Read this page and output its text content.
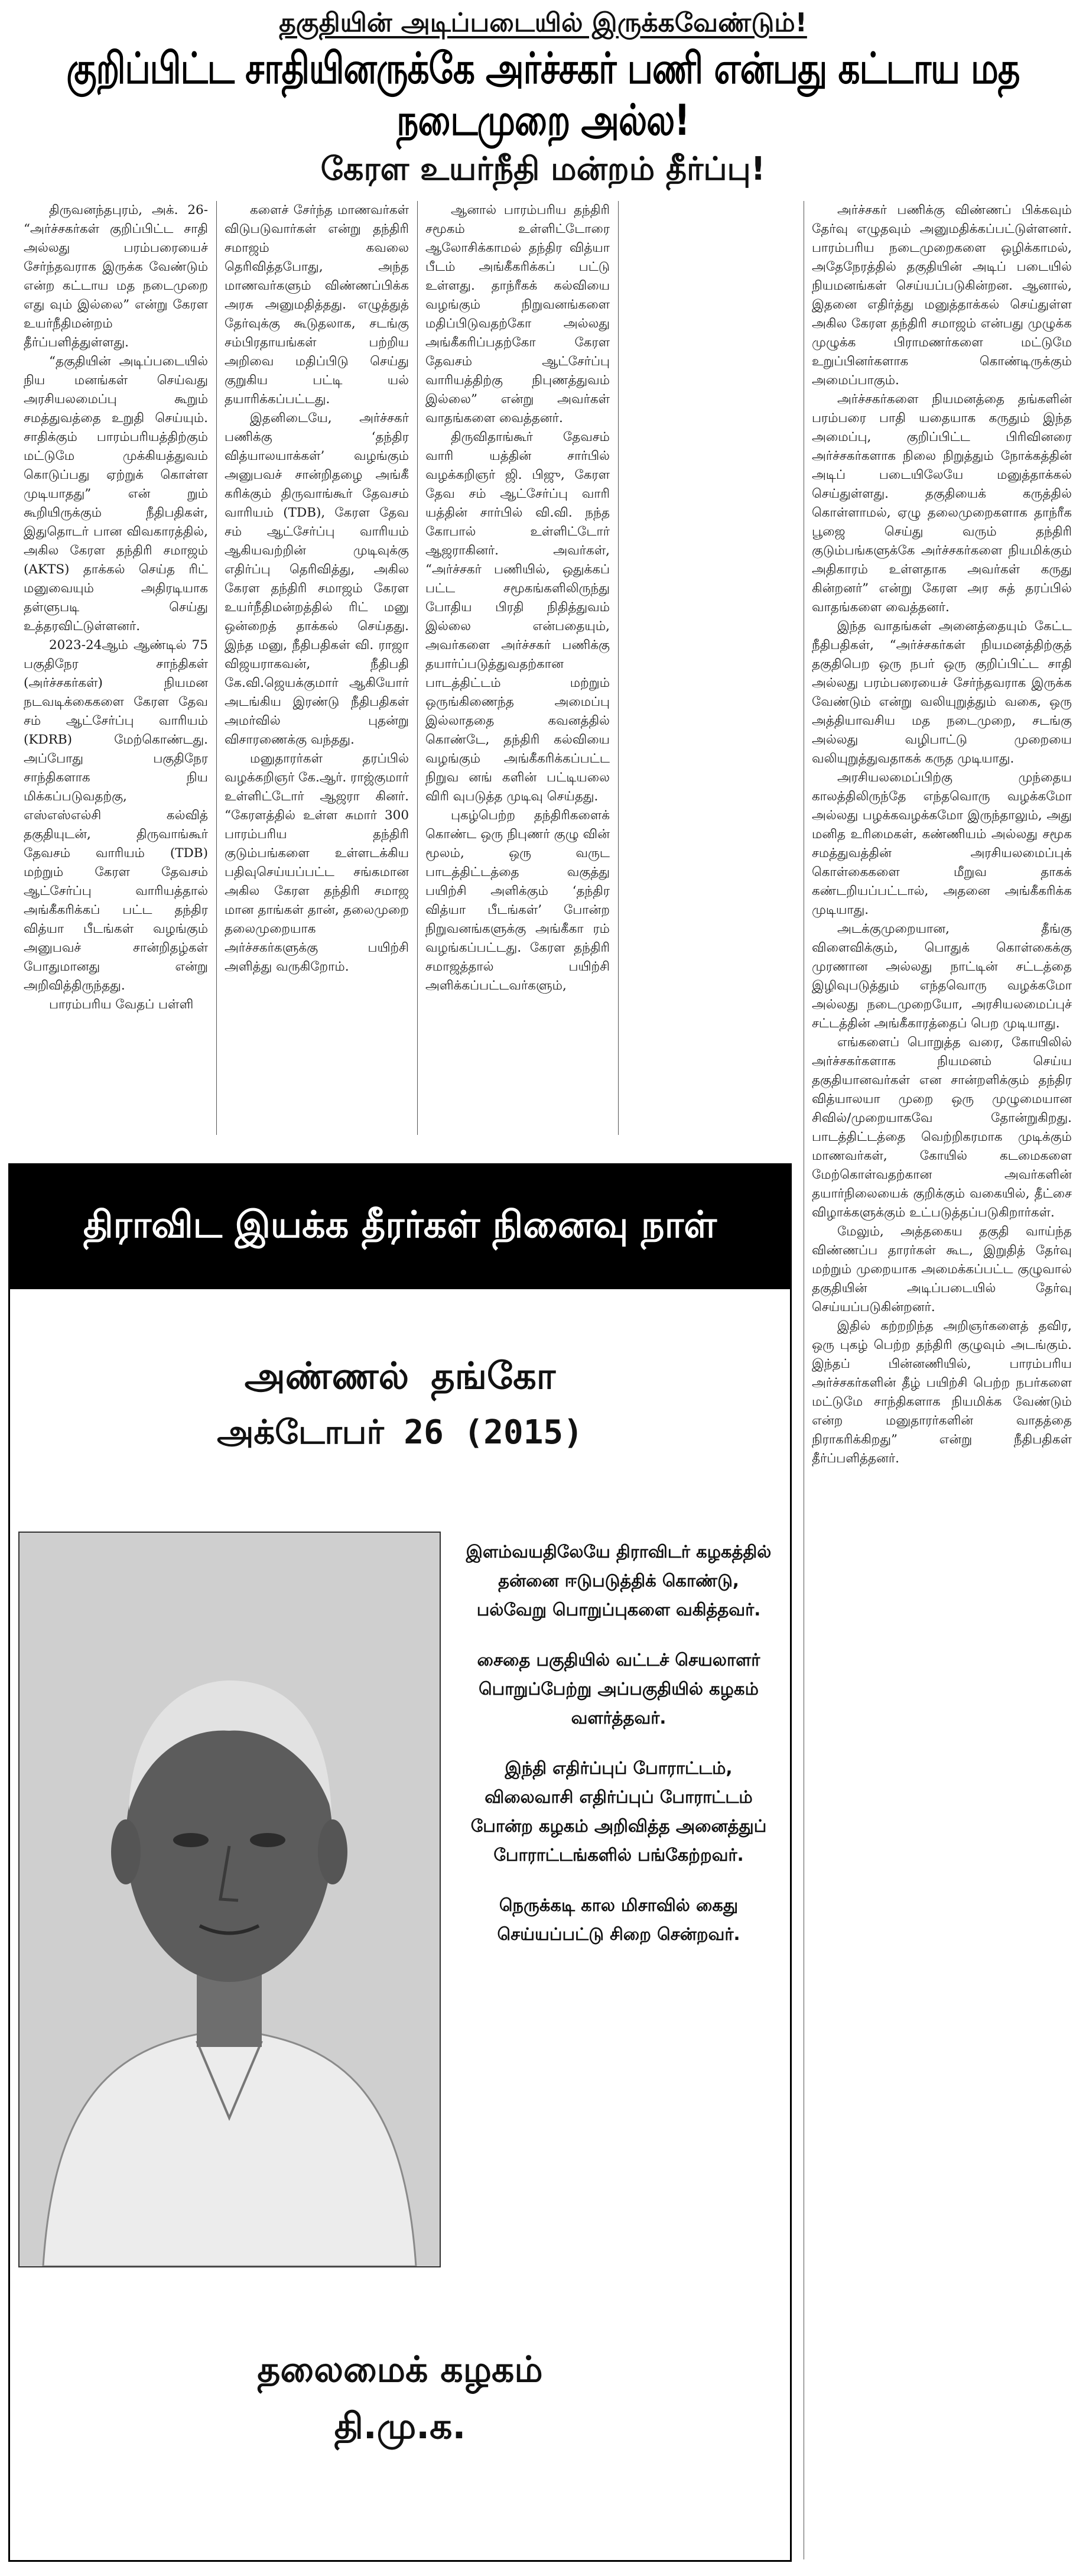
தகுதியின் அடிப்படையில் இருக்கவேண்டும்!
குறிப்பிட்ட சாதியினருக்கே அர்ச்சகர் பணி என்பது கட்டாய மத நடைமுறை அல்ல!
கேரள உயர்நீதி மன்றம் தீர்ப்பு!

திருவனந்தபுரம், அக். 26- “அர்ச்சகர்கள் குறிப்பிட்ட சாதி அல்லது பரம்பரையைச் சேர்ந்தவராக இருக்க வேண்டும் என்ற கட்டாய மத நடைமுறை எது வும் இல்லை” என்று கேரள உயர்நீதிமன்றம் தீர்ப்பளித்துள்ளது.

“தகுதியின் அடிப்படையில் நிய மனங்கள் செய்வது அரசியலமைப்பு கூறும் சமத்துவத்தை உறுதி செய்யும். சாதிக்கும் பாரம்பரியத்திற்கும் மட்டுமே முக்கியத்துவம் கொடுப்பது ஏற்றுக் கொள்ள முடியாதது” என் றும் கூறியிருக்கும் நீதிபதிகள், இதுதொடர் பான விவகாரத்தில், அகில கேரள தந்திரி சமாஜம் (AKTS) தாக்கல் செய்த ரிட் மனுவையும் அதிரடியாக தள்ளுபடி செய்து உத்தரவிட்டுள்ளனர்.

2023-24ஆம் ஆண்டில் 75 பகுதிநேர சாந்திகள் (அர்ச்சகர்கள்) நியமன நடவடிக்கைகளை கேரள தேவ சம் ஆட்சேர்ப்பு வாரியம் (KDRB) மேற்கொண்டது. அப்போது பகுதிநேர சாந்திகளாக நிய மிக்கப்படுவதற்கு, எஸ்எஸ்எல்சி கல்வித் தகுதியுடன், திருவாங்கூர் தேவசம் வாரியம் (TDB) மற்றும் கேரள தேவசம் ஆட்சேர்ப்பு வாரியத்தால் அங்கீகரிக்கப் பட்ட தந்திர வித்யா பீடங்கள் வழங்கும் அனுபவச் சான்றிதழ்கள் போதுமானது என்று அறிவித்திருந்தது.

பாரம்பரிய வேதப் பள்ளி

களைச் சேர்ந்த மாணவர்கள் விடுபடுவார்கள் என்று தந்திரி சமாஜம் கவலை தெரிவித்தபோது, அந்த மாணவர்களும் விண்ணப்பிக்க அரசு அனுமதித்தது. எழுத்துத் தேர்வுக்கு கூடுதலாக, சடங்கு சம்பிரதாயங்கள் பற்றிய அறிவை மதிப்பிடு செய்து குறுகிய பட்டி யல் தயாரிக்கப்பட்டது.

இதனிடையே, அர்ச்சகர் பணிக்கு ‘தந்திர வித்யாலயாக்கள்’ வழங்கும் அனுபவச் சான்றிதழை அங்கீ கரிக்கும் திருவாங்கூர் தேவசம் வாரியம் (TDB), கேரள தேவ சம் ஆட்சேர்ப்பு வாரியம் ஆகியவற்றின் முடிவுக்கு எதிர்ப்பு தெரிவித்து, அகில கேரள தந்திரி சமாஜம் கேரள உயர்நீதிமன்றத்தில் ரிட் மனு ஒன்றைத் தாக்கல் செய்தது. இந்த மனு, நீதிபதிகள் வி. ராஜா விஜயராகவன், நீதிபதி கே.வி.ஜெயக்குமார் ஆகியோர் அடங்கிய இரண்டு நீதிபதிகள் அமர்வில் புதன்று விசாரணைக்கு வந்தது.

மனுதாரர்கள் தரப்பில் வழக்கறிஞர் கே.ஆர். ராஜ்குமார் உள்ளிட்டோர் ஆஜரா கினர். “கேரளத்தில் உள்ள சுமார் 300 பாரம்பரிய தந்திரி குடும்பங்களை உள்ளடக்கிய பதிவுசெய்யப்பட்ட சங்கமான அகில கேரள தந்திரி சமாஜ மான தாங்கள் தான், தலைமுறை தலைமுறையாக அர்ச்சகர்களுக்கு பயிற்சி அளித்து வருகிறோம்.

ஆனால் பாரம்பரிய தந்திரி சமூகம் உள்ளிட்டோரை ஆலோசிக்காமல் தந்திர வித்யா பீடம் அங்கீகரிக்கப் பட்டு உள்ளது. தாந்ரீகக் கல்வியை வழங்கும் நிறுவனங்களை மதிப்பிடுவதற்கோ அல்லது அங்கீகரிப்பதற்கோ கேரள தேவசம் ஆட்சேர்ப்பு வாரியத்திற்கு நிபுணத்துவம் இல்லை” என்று அவர்கள் வாதங்களை வைத்தனர்.

திருவிதாங்கூர் தேவசம் வாரி யத்தின் சார்பில் வழக்கறிஞர் ஜி. பிஜு, கேரள தேவ சம் ஆட்சேர்ப்பு வாரி யத்தின் சார்பில் வி.வி. நந்த கோபால் உள்ளிட்டோர் ஆஜராகினர். அவர்கள், “அர்ச்சகர் பணியில், ஒதுக்கப் பட்ட சமூகங்களிலிருந்து போதிய பிரதி நிதித்துவம் இல்லை என்பதையும், அவர்களை அர்ச்சகர் பணிக்கு தயார்ப்படுத்துவதற்கான பாடத்திட்டம் மற்றும் ஒருங்கிணைந்த அமைப்பு இல்லாததை கவனத்தில் கொண்டே, தந்திரி கல்வியை வழங்கும் அங்கீகரிக்கப்பட்ட நிறுவ னங் களின் பட்டியலை விரி வுபடுத்த முடிவு செய்தது.

புகழ்பெற்ற தந்திரிகளைக் கொண்ட ஒரு நிபுணர் குழு வின் மூலம், ஒரு வருட பாடத்திட்டத்தை வகுத்து பயிற்சி அளிக்கும் ‘தந்திர வித்யா பீடங்கள்’ போன்ற நிறுவனங்களுக்கு அங்கீகா ரம் வழங்கப்பட்டது. கேரள தந்திரி சமாஜத்தால் பயிற்சி அளிக்கப்பட்டவர்களும்,

அர்ச்சகர் பணிக்கு விண்ணப் பிக்கவும் தேர்வு எழுதவும் அனுமதிக்கப்பட்டுள்ளனர். பாரம்பரிய நடைமுறைகளை ஒழிக்காமல், அதேநேரத்தில் தகுதியின் அடிப் படையில் நியமனங்கள் செய்யப்படுகின்றன. ஆனால், இதனை எதிர்த்து மனுத்தாக்கல் செய்துள்ள அகில கேரள தந்திரி சமாஜம் என்பது முழுக்க முழுக்க பிராமணர்களை மட்டுமே உறுப்பினர்களாக கொண்டிருக்கும் அமைப்பாகும்.

அர்ச்சகர்களை நியமனத்தை தங்களின் பரம்பரை பாதி யதையாக கருதும் இந்த அமைப்பு, குறிப்பிட்ட பிரிவினரை அர்ச்சகர்களாக நிலை நிறுத்தும் நோக்கத்தின் அடிப் படையிலேயே மனுத்தாக்கல் செய்துள்ளது. தகுதியைக் கருத்தில் கொள்ளாமல், ஏழு தலைமுறைகளாக தாந்ரீக பூஜை செய்து வரும் தந்திரி குடும்பங்களுக்கே அர்ச்சகர்களை நியமிக்கும் அதிகாரம் உள்ளதாக அவர்கள் கருது கின்றனர்” என்று கேரள அர சுத் தரப்பில் வாதங்களை வைத்தனர்.

இந்த வாதங்கள் அனைத்தையும் கேட்ட நீதிபதிகள், “அர்ச்சகர்கள் நியமனத்திற்குத் தகுதிபெற ஒரு நபர் ஒரு குறிப்பிட்ட சாதி அல்லது பரம்பரையைச் சேர்ந்தவராக இருக்க வேண்டும் என்று வலியுறுத்தும் வகை, ஒரு அத்தியாவசிய மத நடைமுறை, சடங்கு அல்லது வழிபாட்டு முறையை வலியுறுத்துவதாகக் கருத முடியாது.

அரசியலமைப்பிற்கு முந்தைய காலத்திலிருந்தே எந்தவொரு வழக்கமோ அல்லது பழக்கவழக்கமோ இருந்தாலும், அது மனித உரிமைகள், கண்ணியம் அல்லது சமூக சமத்துவத்தின் அரசியலமைப்புக் கொள்கைகளை மீறுவ தாகக் கண்டறியப்பட்டால், அதனை அங்கீகரிக்க முடியாது.

அடக்குமுறையான, தீங்கு விளைவிக்கும், பொதுக் கொள்கைக்கு முரணான அல்லது நாட்டின் சட்டத்தை இழிவுபடுத்தும் எந்தவொரு வழக்கமோ அல்லது நடைமுறையோ, அரசியலமைப்புச் சட்டத்தின் அங்கீகாரத்தைப் பெற முடியாது.

எங்களைப் பொறுத்த வரை, கோயிலில் அர்ச்சகர்களாக நியமனம் செய்ய தகுதியானவர்கள் என சான்றளிக்கும் தந்திர வித்யாலயா முறை ஒரு முழுமையான சிவில்/முறையாகவே தோன்றுகிறது. பாடத்திட்டத்தை வெற்றிகரமாக முடிக்கும் மாணவர்கள், கோயில் கடமைகளை மேற்கொள்வதற்கான அவர்களின் தயார்நிலையைக் குறிக்கும் வகையில், தீட்சை விழாக்களுக்கும் உட்படுத்தப்படுகிறார்கள்.

மேலும், அத்தகைய தகுதி வாய்ந்த விண்ணப்ப தாரர்கள் கூட, இறுதித் தேர்வு மற்றும் முறையாக அமைக்கப்பட்ட குழுவால் தகுதியின் அடிப்படையில் தேர்வு செய்யப்படுகின்றனர்.

இதில் கற்றறிந்த அறிஞர்களைத் தவிர, ஒரு புகழ் பெற்ற தந்திரி குழுவும் அடங்கும். இந்தப் பின்னணியில், பாரம்பரிய அர்ச்சகர்களின் தீழ் பயிற்சி பெற்ற நபர்களை மட்டுமே சாந்திகளாக நியமிக்க வேண்டும் என்ற மனுதாரர்களின் வாதத்தை நிராகரிக்கிறது” என்று நீதிபதிகள் தீர்ப்பளித்தனர்.

திராவிட இயக்க தீரர்கள் நினைவு நாள்
அண்ணல் தங்கோ
அக்டோபர் 26 (2015)

இளம்வயதிலேயே திராவிடர் கழகத்தில் தன்னை ஈடுபடுத்திக் கொண்டு, பல்வேறு பொறுப்புகளை வகித்தவர்.

சைதை பகுதியில் வட்டச் செயலாளர் பொறுப்பேற்று அப்பகுதியில் கழகம் வளர்த்தவர்.

இந்தி எதிர்ப்புப் போராட்டம், விலைவாசி எதிர்ப்புப் போராட்டம் போன்ற கழகம் அறிவித்த அனைத்துப் போராட்டங்களில் பங்கேற்றவர்.

நெருக்கடி கால மிசாவில் கைது செய்யப்பட்டு சிறை சென்றவர்.

தலைமைக் கழகம்
தி.மு.க.
